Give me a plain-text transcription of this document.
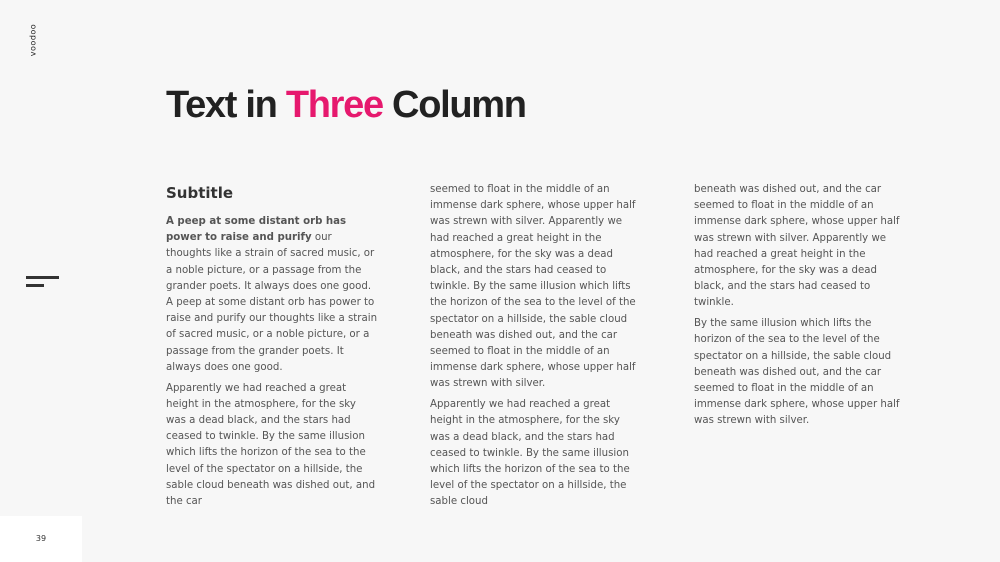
voodoo
39
Text in Three Column
Subtitle

A peep at some distant orb has power to raise and purify our thoughts like a strain of sacred music, or a noble picture, or a passage from the grander poets. It always does one good. A peep at some distant orb has power to raise and purify our thoughts like a strain of sacred music, or a noble picture, or a passage from the grander poets. It always does one good.

Apparently we had reached a great height in the atmosphere, for the sky was a dead black, and the stars had ceased to twinkle. By the same illusion which lifts the horizon of the sea to the level of the spectator on a hillside, the sable cloud beneath was dished out, and the car

seemed to float in the middle of an immense dark sphere, whose upper half was strewn with silver. Apparently we had reached a great height in the atmosphere, for the sky was a dead black, and the stars had ceased to twinkle. By the same illusion which lifts the horizon of the sea to the level of the spectator on a hillside, the sable cloud beneath was dished out, and the car seemed to float in the middle of an immense dark sphere, whose upper half was strewn with silver.

Apparently we had reached a great height in the atmosphere, for the sky was a dead black, and the stars had ceased to twinkle. By the same illusion which lifts the horizon of the sea to the level of the spectator on a hillside, the sable cloud

beneath was dished out, and the car seemed to float in the middle of an immense dark sphere, whose upper half was strewn with silver. Apparently we had reached a great height in the atmosphere, for the sky was a dead black, and the stars had ceased to twinkle.

By the same illusion which lifts the horizon of the sea to the level of the spectator on a hillside, the sable cloud beneath was dished out, and the car seemed to float in the middle of an immense dark sphere, whose upper half was strewn with silver.
